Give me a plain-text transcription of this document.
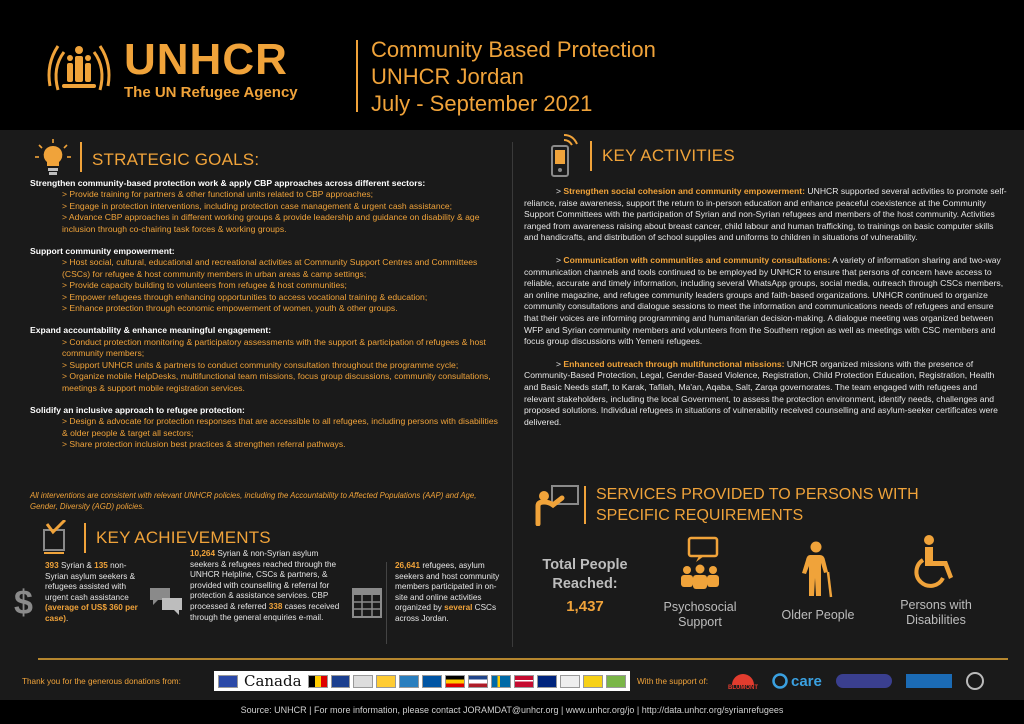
UNHCR
The UN Refugee Agency
Community Based Protection
UNHCR Jordan
July - September 2021
STRATEGIC GOALS:
Strengthen community-based protection work & apply CBP approaches across different sectors:
> Provide training for partners & other functional units related to CBP approaches;
> Engage in protection interventions, including protection case management & urgent cash assistance;
> Advance CBP approaches in different working groups & provide leadership and guidance on disability & age inclusion through co-chairing task forces & working groups.
Support community empowerment:
> Host social, cultural, educational and recreational activities at Community Support Centres and Committees (CSCs) for refugee & host community members in urban areas & camp settings;
> Provide capacity building to volunteers from refugee & host communities;
> Empower refugees through enhancing opportunities to access vocational training & education;
> Enhance protection through economic empowerment of women, youth & other groups.
Expand accountability & enhance meaningful engagement:
> Conduct protection monitoring & participatory assessments with the support & participation of refugees & host community members;
> Support UNHCR units & partners to conduct community consultation throughout the programme cycle;
> Organize mobile HelpDesks, multifunctional team missions, focus group discussions, community consultations, meetings & support mobile registration services.
Solidify an inclusive approach to refugee protection:
> Design & advocate for protection responses that are accessible to all refugees, including persons with disabilities & older people & target all sectors;
> Share protection inclusion best practices & strengthen referral pathways.
All interventions are consistent with relevant UNHCR policies, including the Accountability to Affected Populations (AAP) and Age, Gender, Diversity (AGD) policies.
KEY ACHIEVEMENTS
$
393 Syrian & 135 non-Syrian asylum seekers & refugees assisted with urgent cash assistance (average of US$ 360 per case).
10,264 Syrian & non-Syrian asylum seekers & refugees reached through the UNHCR Helpline, CSCs & partners, & provided with counselling & referral for protection & assistance services. CBP processed & referred 338 cases received through the general enquiries e-mail.
26,641 refugees, asylum seekers and host community members participated in on-site and online activities organized by several CSCs across Jordan.
KEY ACTIVITIES
> Strengthen social cohesion and community empowerment: UNHCR supported several activities to promote self-reliance, raise awareness, support the return to in-person education and enhance peaceful coexistence at the Community Support Committees with the participation of Syrian and non-Syrian refugees and members of the host community. Activities ranged from awareness raising about breast cancer, child labour and human trafficking, to trainings on basic computer skills and handicrafts, and distribution of school supplies and uniforms to children in situations of vulnerability.
> Communication with communities and community consultations: A variety of information sharing and two-way communication channels and tools continued to be employed by UNHCR to ensure that persons of concern have access to reliable, accurate and timely information, including several WhatsApp groups, social media, outreach through CSCs members, an online magazine, and refugee community leaders groups and faith-based organizations. UNHCR continued to organize community consultations and dialogue sessions to meet the information and communications needs of refugees and ensure that their voices are informing programming and humanitarian decision-making. A dialogue meeting was organized between WFP and Syrian community members and volunteers from the Southern region as well as meetings with CSC members and focus group discussions with Yemeni refugees.
> Enhanced outreach through multifunctional missions: UNHCR organized missions with the presence of Community-Based Protection, Legal, Gender-Based Violence, Registration, Child Protection Education, Registration, Health and Basic Needs staff, to Karak, Tafilah, Ma'an, Aqaba, Salt, Zarqa governorates. The team engaged with refugees and relevant stakeholders, including the local Government, to assess the protection environment, identify needs, challenges and proposed solutions. Individual refugees in situations of vulnerability received counselling and asylum-seeker certificates were delivered.
SERVICES PROVIDED TO PERSONS WITH
SPECIFIC REQUIREMENTS
Total People
Reached:
1,437	Psychosocial
Support	Older People
Persons with
Disabilities
Thank you for the generous donations from:	Canada	With the support of:
BLUMONT care
Source: UNHCR | For more information, please contact JORAMDAT@unhcr.org | www.unhcr.org/jo | http://data.unhcr.org/syrianrefugees
